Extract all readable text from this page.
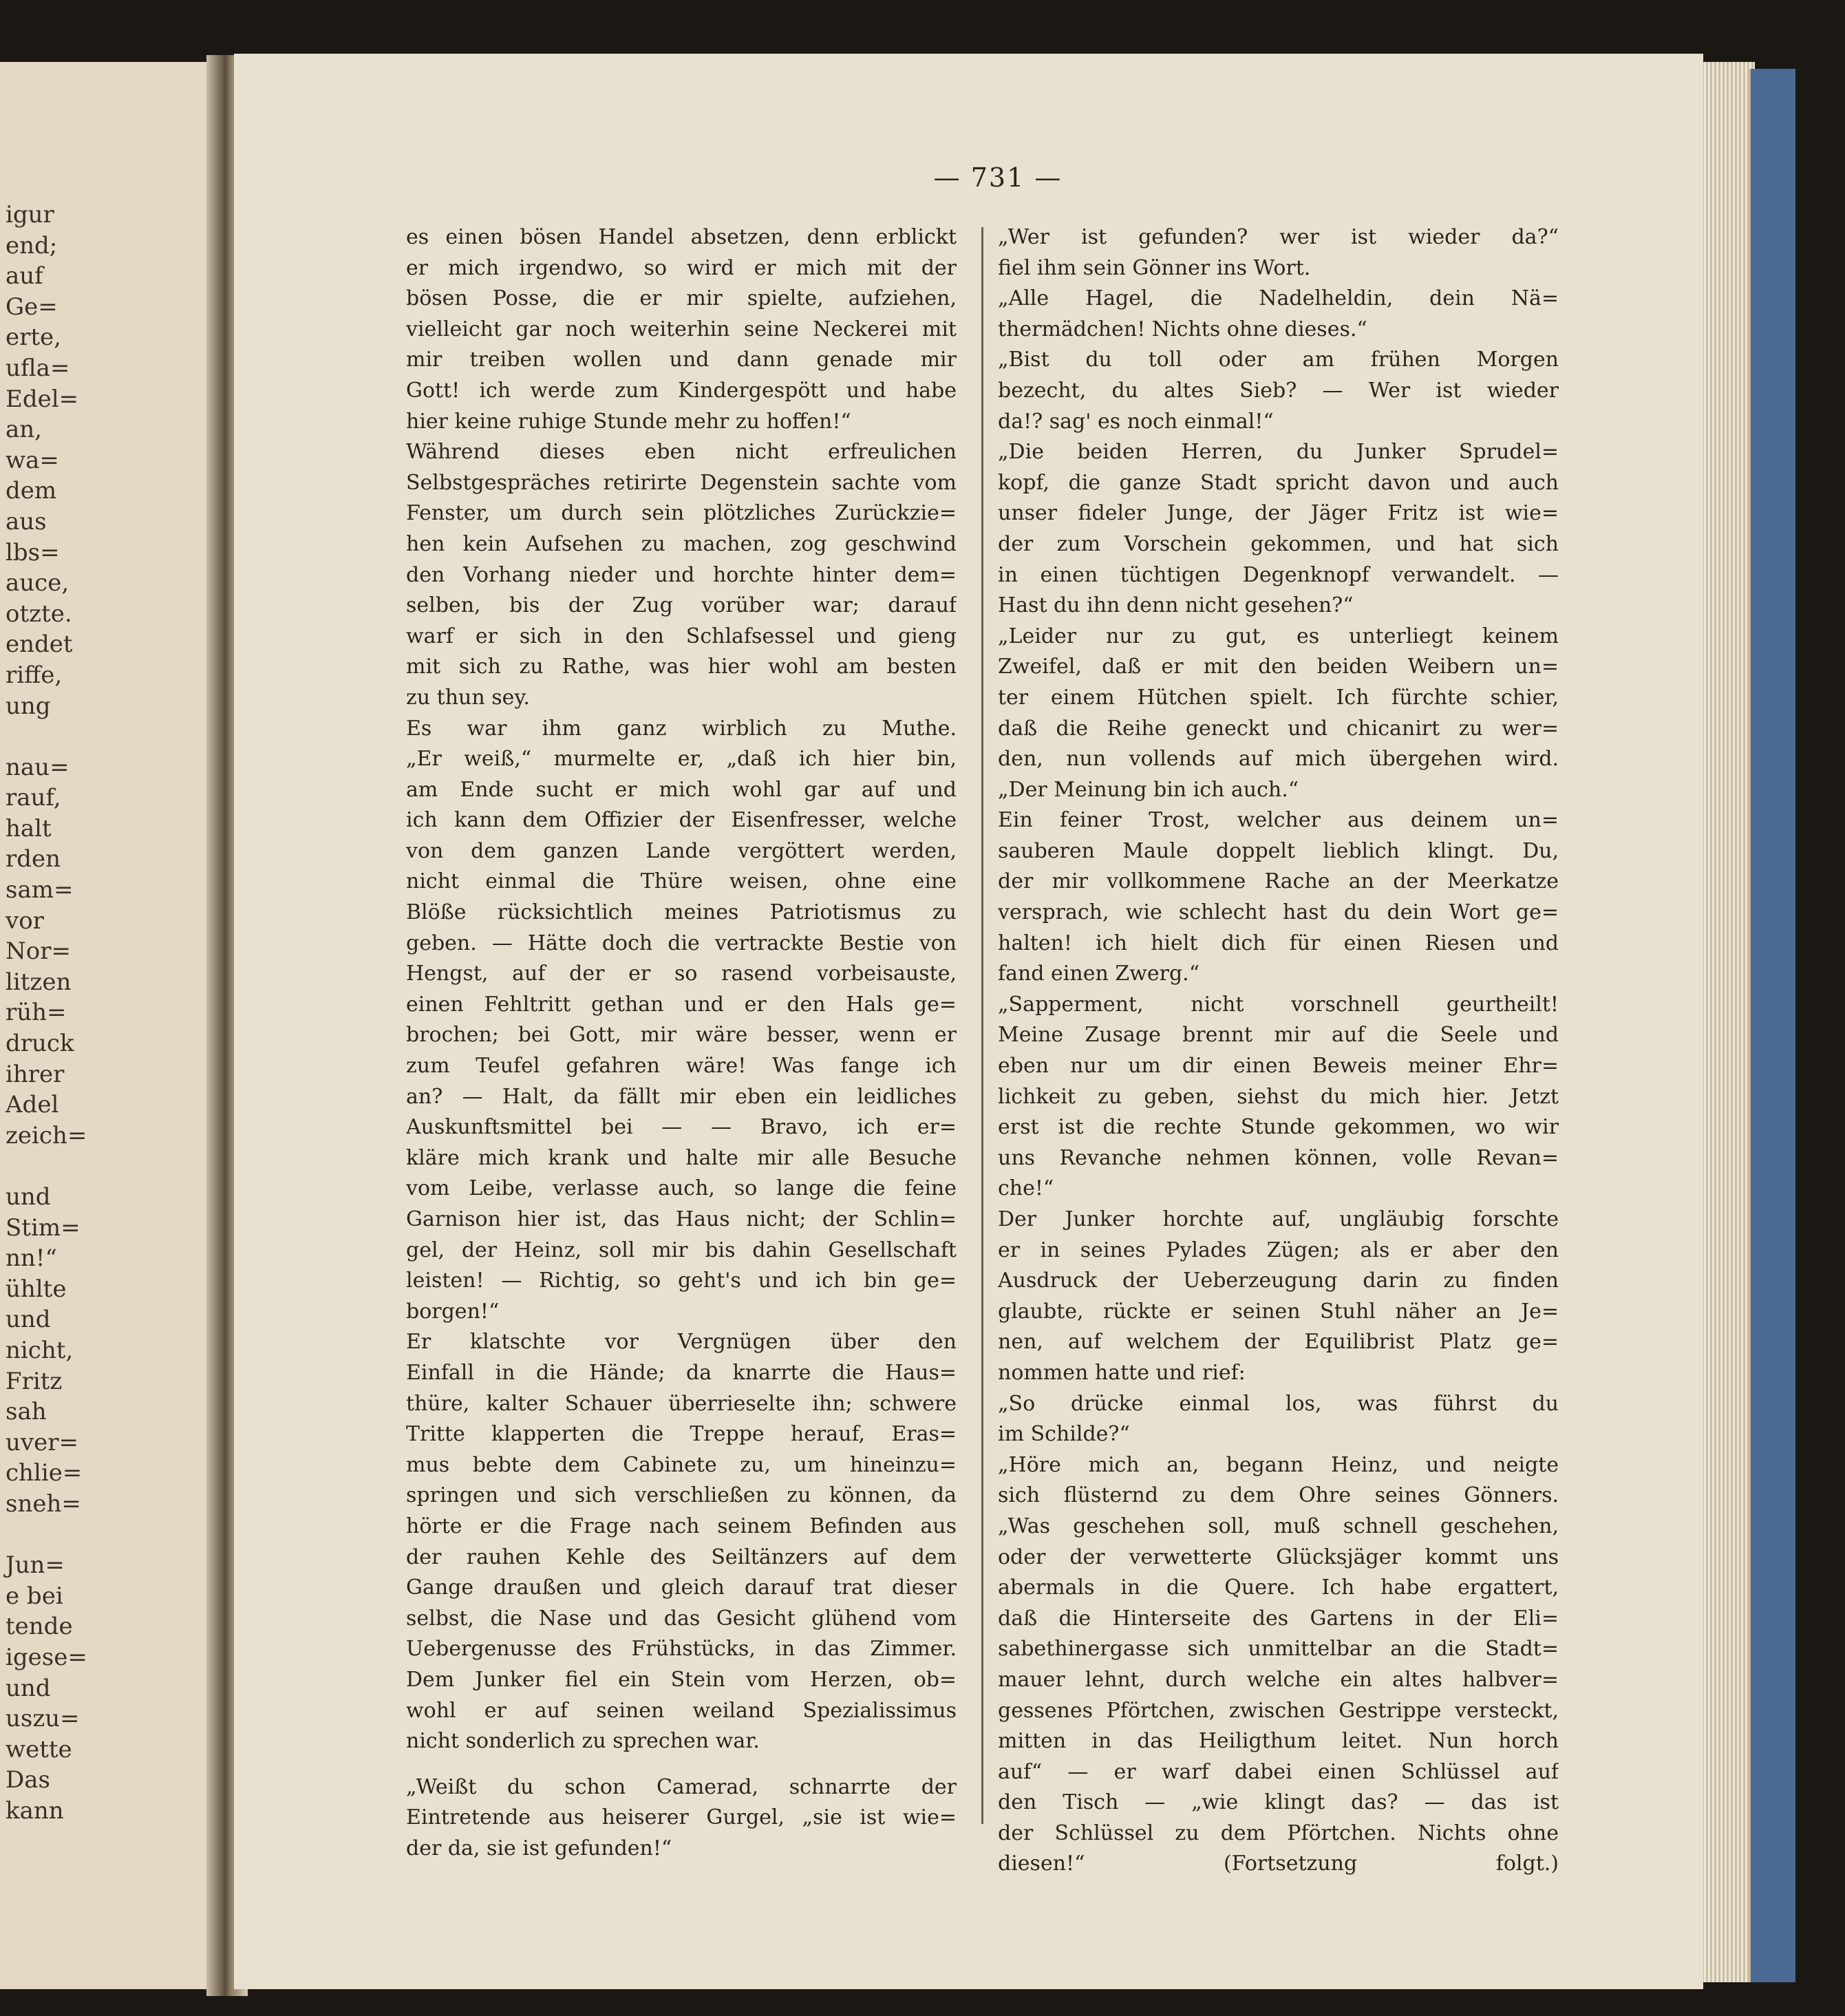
igur
end;
auf
Ge=
erte,
ufla=
Edel=
an,
wa=
dem
aus
lbs=
auce,
otzte.
endet
riffe,
ung

nau=
rauf,
halt
rden
sam=
vor
Nor=
litzen
rüh=
druck
ihrer
Adel
zeich=

und
Stim=
nn!“
ühlte
und
nicht,
Fritz
sah
uver=
chlie=
sneh=

Jun=
e bei
tende
igese=
und
uszu=
wette
Das
kann
— 731 —
es einen bösen Handel absetzen, denn erblickt
er mich irgendwo, so wird er mich mit der
bösen Posse, die er mir spielte, aufziehen,
vielleicht gar noch weiterhin seine Neckerei mit
mir treiben wollen und dann genade mir
Gott! ich werde zum Kindergespött und habe
hier keine ruhige Stunde mehr zu hoffen!“
Während dieses eben nicht erfreulichen
Selbstgespräches retirirte Degenstein sachte vom
Fenster, um durch sein plötzliches Zurückzie=
hen kein Aufsehen zu machen, zog geschwind
den Vorhang nieder und horchte hinter dem=
selben, bis der Zug vorüber war; darauf
warf er sich in den Schlafsessel und gieng
mit sich zu Rathe, was hier wohl am besten
zu thun sey.
Es war ihm ganz wirblich zu Muthe.
„Er weiß,“ murmelte er, „daß ich hier bin,
am Ende sucht er mich wohl gar auf und
ich kann dem Offizier der Eisenfresser, welche
von dem ganzen Lande vergöttert werden,
nicht einmal die Thüre weisen, ohne eine
Blöße rücksichtlich meines Patriotismus zu
geben. — Hätte doch die vertrackte Bestie von
Hengst, auf der er so rasend vorbeisauste,
einen Fehltritt gethan und er den Hals ge=
brochen; bei Gott, mir wäre besser, wenn er
zum Teufel gefahren wäre! Was fange ich
an? — Halt, da fällt mir eben ein leidliches
Auskunftsmittel bei — — Bravo, ich er=
kläre mich krank und halte mir alle Besuche
vom Leibe, verlasse auch, so lange die feine
Garnison hier ist, das Haus nicht; der Schlin=
gel, der Heinz, soll mir bis dahin Gesellschaft
leisten! — Richtig, so geht's und ich bin ge=
borgen!“
Er klatschte vor Vergnügen über den
Einfall in die Hände; da knarrte die Haus=
thüre, kalter Schauer überrieselte ihn; schwere
Tritte klapperten die Treppe herauf, Eras=
mus bebte dem Cabinete zu, um hineinzu=
springen und sich verschließen zu können, da
hörte er die Frage nach seinem Befinden aus
der rauhen Kehle des Seiltänzers auf dem
Gange draußen und gleich darauf trat dieser
selbst, die Nase und das Gesicht glühend vom
Uebergenusse des Frühstücks, in das Zimmer.
Dem Junker fiel ein Stein vom Herzen, ob=
wohl er auf seinen weiland Spezialissimus
nicht sonderlich zu sprechen war.
„Weißt du schon Camerad, schnarrte der
Eintretende aus heiserer Gurgel, „sie ist wie=
der da, sie ist gefunden!“
„Wer ist gefunden? wer ist wieder da?“
fiel ihm sein Gönner ins Wort.
„Alle Hagel, die Nadelheldin, dein Nä=
thermädchen! Nichts ohne dieses.“
„Bist du toll oder am frühen Morgen
bezecht, du altes Sieb? — Wer ist wieder
da!? sag' es noch einmal!“
„Die beiden Herren, du Junker Sprudel=
kopf, die ganze Stadt spricht davon und auch
unser fideler Junge, der Jäger Fritz ist wie=
der zum Vorschein gekommen, und hat sich
in einen tüchtigen Degenknopf verwandelt. —
Hast du ihn denn nicht gesehen?“
„Leider nur zu gut, es unterliegt keinem
Zweifel, daß er mit den beiden Weibern un=
ter einem Hütchen spielt. Ich fürchte schier,
daß die Reihe geneckt und chicanirt zu wer=
den, nun vollends auf mich übergehen wird.
„Der Meinung bin ich auch.“
Ein feiner Trost, welcher aus deinem un=
sauberen Maule doppelt lieblich klingt. Du,
der mir vollkommene Rache an der Meerkatze
versprach, wie schlecht hast du dein Wort ge=
halten! ich hielt dich für einen Riesen und
fand einen Zwerg.“
„Sapperment, nicht vorschnell geurtheilt!
Meine Zusage brennt mir auf die Seele und
eben nur um dir einen Beweis meiner Ehr=
lichkeit zu geben, siehst du mich hier. Jetzt
erst ist die rechte Stunde gekommen, wo wir
uns Revanche nehmen können, volle Revan=
che!“
Der Junker horchte auf, ungläubig forschte
er in seines Pylades Zügen; als er aber den
Ausdruck der Ueberzeugung darin zu finden
glaubte, rückte er seinen Stuhl näher an Je=
nen, auf welchem der Equilibrist Platz ge=
nommen hatte und rief:
„So drücke einmal los, was führst du
im Schilde?“
„Höre mich an, begann Heinz, und neigte
sich flüsternd zu dem Ohre seines Gönners.
„Was geschehen soll, muß schnell geschehen,
oder der verwetterte Glücksjäger kommt uns
abermals in die Quere. Ich habe ergattert,
daß die Hinterseite des Gartens in der Eli=
sabethinergasse sich unmittelbar an die Stadt=
mauer lehnt, durch welche ein altes halbver=
gessenes Pförtchen, zwischen Gestrippe versteckt,
mitten in das Heiligthum leitet. Nun horch
auf“ — er warf dabei einen Schlüssel auf
den Tisch — „wie klingt das? — das ist
der Schlüssel zu dem Pförtchen. Nichts ohne
diesen!“ (Fortsetzung folgt.)
